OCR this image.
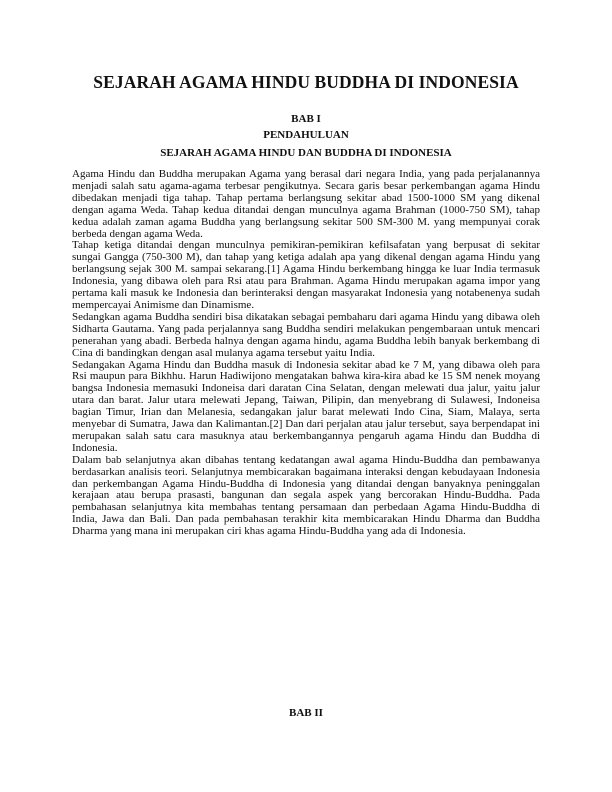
SEJARAH AGAMA HINDU BUDDHA DI INDONESIA
BAB I
PENDAHULUAN
SEJARAH AGAMA HINDU DAN BUDDHA DI INDONESIA

Agama Hindu dan Buddha merupakan Agama yang berasal dari negara India, yang pada perjalanannya menjadi salah satu agama-agama terbesar pengikutnya. Secara garis besar perkembangan agama Hindu dibedakan menjadi tiga tahap. Tahap pertama berlangsung sekitar abad 1500-1000 SM yang dikenal dengan agama Weda. Tahap kedua ditandai dengan munculnya agama Brahman (1000-750 SM), tahap kedua adalah zaman agama Buddha yang berlangsung sekitar 500 SM-300 M. yang mempunyai corak berbeda dengan agama Weda.

Tahap ketiga ditandai dengan munculnya pemikiran-pemikiran kefilsafatan yang berpusat di sekitar sungai Gangga (750-300 M), dan tahap yang ketiga adalah apa yang dikenal dengan agama Hindu yang berlangsung sejak 300 M. sampai sekarang.[1] Agama Hindu berkembang hingga ke luar India termasuk Indonesia, yang dibawa oleh para Rsi atau para Brahman. Agama Hindu merupakan agama impor yang pertama kali masuk ke Indonesia dan berinteraksi dengan masyarakat Indonesia yang notabenenya sudah mempercayai Animisme dan Dinamisme.

Sedangkan agama Buddha sendiri bisa dikatakan sebagai pembaharu dari agama Hindu yang dibawa oleh Sidharta Gautama. Yang pada perjalannya sang Buddha sendiri melakukan pengembaraan untuk mencari penerahan yang abadi. Berbeda halnya dengan agama hindu, agama Buddha lebih banyak berkembang di Cina di bandingkan dengan asal mulanya agama tersebut yaitu India.

Sedangakan Agama Hindu dan Buddha masuk di Indonesia sekitar abad ke 7 M, yang dibawa oleh para Rsi maupun para Bikhhu. Harun Hadiwijono mengatakan bahwa kira-kira abad ke 15 SM nenek moyang bangsa Indonesia memasuki Indoneisa dari daratan Cina Selatan, dengan melewati dua jalur, yaitu jalur utara dan barat. Jalur utara melewati Jepang, Taiwan, Pilipin, dan menyebrang di Sulawesi, Indoneisa bagian Timur, Irian dan Melanesia, sedangakan jalur barat melewati Indo Cina, Siam, Malaya, serta menyebar di Sumatra, Jawa dan Kalimantan.[2] Dan dari perjalan atau jalur tersebut, saya berpendapat ini merupakan salah satu cara masuknya atau berkembangannya pengaruh agama Hindu dan Buddha di Indonesia.

Dalam bab selanjutnya akan dibahas tentang kedatangan awal agama Hindu-Buddha dan pembawanya berdasarkan analisis teori. Selanjutnya membicarakan bagaimana interaksi dengan kebudayaan Indonesia dan perkembangan Agama Hindu-Buddha di Indonesia yang ditandai dengan banyaknya peninggalan kerajaan atau berupa prasasti, bangunan dan segala aspek yang bercorakan Hindu-Buddha. Pada pembahasan selanjutnya kita membahas tentang persamaan dan perbedaan Agama Hindu-Buddha di India, Jawa dan Bali. Dan pada pembahasan terakhir kita membicarakan Hindu Dharma dan Buddha Dharma yang mana ini merupakan ciri khas agama Hindu-Buddha yang ada di Indonesia.

BAB II
